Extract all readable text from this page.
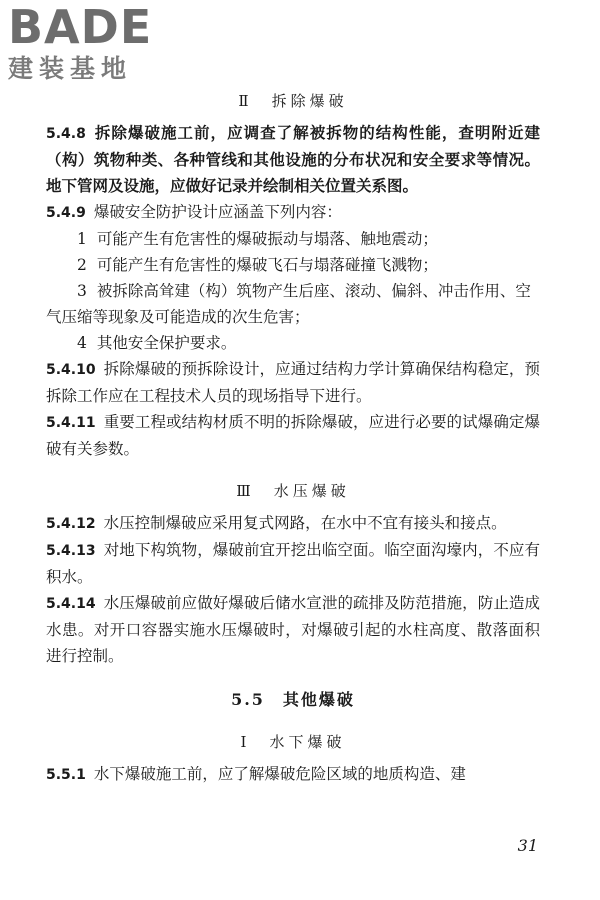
BADE
建装基地
Ⅱ　拆除爆破

5.4.8 拆除爆破施工前，应调查了解被拆物的结构性能，查明附近建（构）筑物种类、各种管线和其他设施的分布状况和安全要求等情况。地下管网及设施，应做好记录并绘制相关位置关系图。

5.4.9 爆破安全防护设计应涵盖下列内容：

1 可能产生有危害性的爆破振动与塌落、触地震动；

2 可能产生有危害性的爆破飞石与塌落碰撞飞溅物；

3 被拆除高耸建（构）筑物产生后座、滚动、偏斜、冲击作用、空气压缩等现象及可能造成的次生危害；

4 其他安全保护要求。

5.4.10 拆除爆破的预拆除设计，应通过结构力学计算确保结构稳定，预拆除工作应在工程技术人员的现场指导下进行。

5.4.11 重要工程或结构材质不明的拆除爆破，应进行必要的试爆确定爆破有关参数。

Ⅲ　水压爆破

5.4.12 水压控制爆破应采用复式网路，在水中不宜有接头和接点。

5.4.13 对地下构筑物，爆破前宜开挖出临空面。临空面沟壕内，不应有积水。

5.4.14 水压爆破前应做好爆破后储水宣泄的疏排及防范措施，防止造成水患。对开口容器实施水压爆破时，对爆破引起的水柱高度、散落面积进行控制。

5.5　其他爆破
Ⅰ　水下爆破

5.5.1 水下爆破施工前，应了解爆破危险区域的地质构造、建

31
